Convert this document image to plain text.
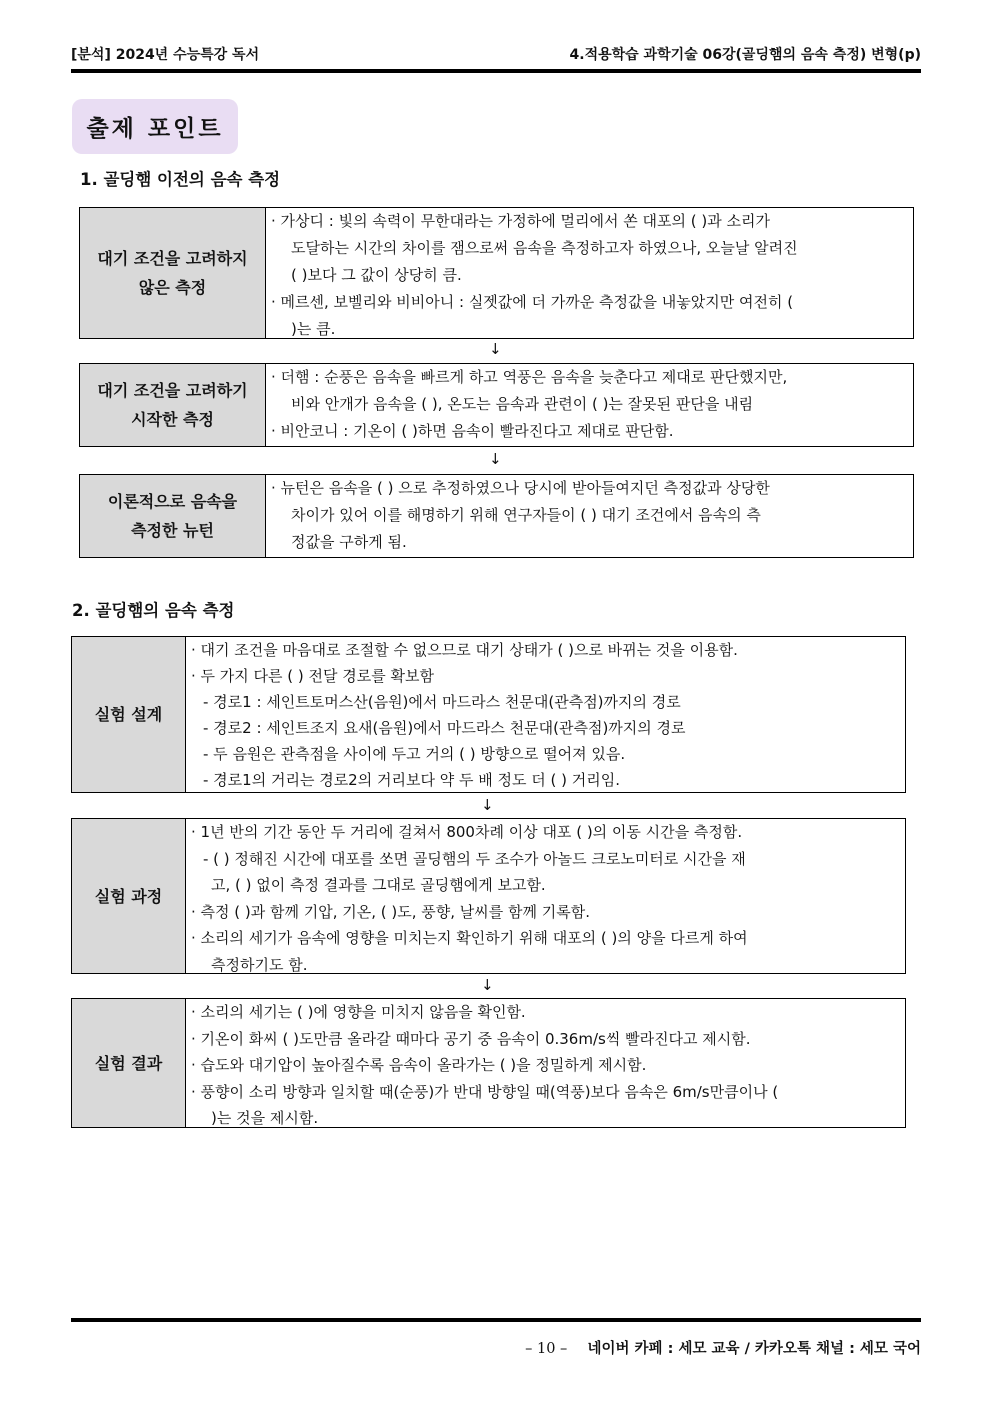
[분석] 2024년 수능특강 독서	4.적용학습 과학기술 06강(골딩햄의 음속 측정) 변형(p)
출제 포인트
1. 골딩햄 이전의 음속 측정
대기 조건을 고려하지
않은 측정
· 가상디 : 빛의 속력이 무한대라는 가정하에 멀리에서 쏜 대포의 ( )과 소리가
도달하는 시간의 차이를 잼으로써 음속을 측정하고자 하였으나, 오늘날 알려진
( )보다 그 값이 상당히 큼.
· 메르센, 보벨리와 비비아니 : 실젯값에 더 가까운 측정값을 내놓았지만 여전히 (
)는 큼.
↓
대기 조건을 고려하기
시작한 측정
· 더햄 : 순풍은 음속을 빠르게 하고 역풍은 음속을 늦춘다고 제대로 판단했지만,
비와 안개가 음속을 ( ), 온도는 음속과 관련이 ( )는 잘못된 판단을 내림
· 비안코니 : 기온이 ( )하면 음속이 빨라진다고 제대로 판단함.
↓
이론적으로 음속을
측정한 뉴턴
· 뉴턴은 음속을 ( ) 으로 추정하였으나 당시에 받아들여지던 측정값과 상당한
차이가 있어 이를 해명하기 위해 연구자들이 ( ) 대기 조건에서 음속의 측
정값을 구하게 됨.
2. 골딩햄의 음속 측정
실험 설계
· 대기 조건을 마음대로 조절할 수 없으므로 대기 상태가 ( )으로 바뀌는 것을 이용함.
· 두 가지 다른 ( ) 전달 경로를 확보함
- 경로1 : 세인트토머스산(음원)에서 마드라스 천문대(관측점)까지의 경로
- 경로2 : 세인트조지 요새(음원)에서 마드라스 천문대(관측점)까지의 경로
- 두 음원은 관측점을 사이에 두고 거의 ( ) 방향으로 떨어져 있음.
- 경로1의 거리는 경로2의 거리보다 약 두 배 정도 더 ( ) 거리임.
↓
실험 과정
· 1년 반의 기간 동안 두 거리에 걸쳐서 800차례 이상 대포 ( )의 이동 시간을 측정함.
- ( ) 정해진 시간에 대포를 쏘면 골딩햄의 두 조수가 아놀드 크로노미터로 시간을 재
고, ( ) 없이 측정 결과를 그대로 골딩햄에게 보고함.
· 측정 ( )과 함께 기압, 기온, ( )도, 풍향, 날씨를 함께 기록함.
· 소리의 세기가 음속에 영향을 미치는지 확인하기 위해 대포의 ( )의 양을 다르게 하여
측정하기도 함.
↓
실험 결과
· 소리의 세기는 ( )에 영향을 미치지 않음을 확인함.
· 기온이 화씨 ( )도만큼 올라갈 때마다 공기 중 음속이 0.36m/s씩 빨라진다고 제시함.
· 습도와 대기압이 높아질수록 음속이 올라가는 ( )을 정밀하게 제시함.
· 풍향이 소리 방향과 일치할 때(순풍)가 반대 방향일 때(역풍)보다 음속은 6m/s만큼이나 (
)는 것을 제시함.
– 10 – 네이버 카페 : 세모 교육 / 카카오톡 채널 : 세모 국어
